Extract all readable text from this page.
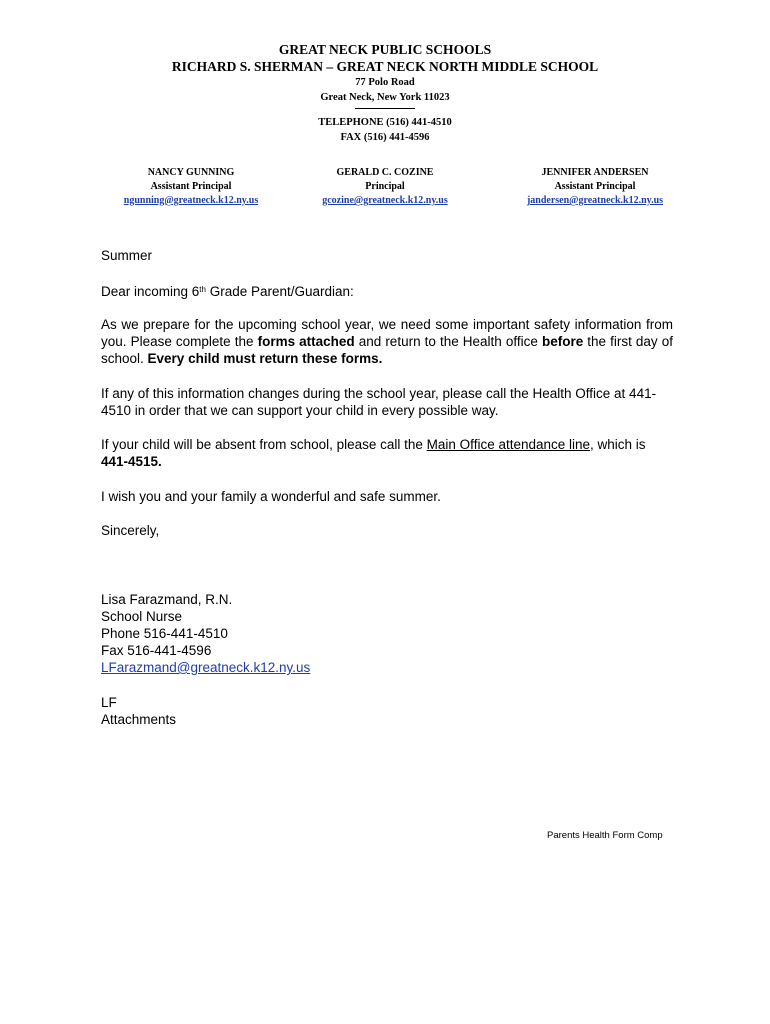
GREAT NECK PUBLIC SCHOOLS
RICHARD S. SHERMAN – GREAT NECK NORTH MIDDLE SCHOOL
77 Polo Road
Great Neck, New York 11023
TELEPHONE (516) 441-4510
FAX (516) 441-4596
NANCY GUNNING
Assistant Principal
ngunning@greatneck.k12.ny.us
GERALD C. COZINE
Principal
gcozine@greatneck.k12.ny.us
JENNIFER ANDERSEN
Assistant Principal
jandersen@greatneck.k12.ny.us
Summer
Dear incoming 6th Grade Parent/Guardian:
As we prepare for the upcoming school year, we need some important safety information from you. Please complete the forms attached and return to the Health office before the first day of school. Every child must return these forms.
If any of this information changes during the school year, please call the Health Office at 441-4510 in order that we can support your child in every possible way.
If your child will be absent from school, please call the Main Office attendance line, which is
441-4515.
I wish you and your family a wonderful and safe summer.
Sincerely,
Lisa Farazmand, R.N.
School Nurse
Phone 516-441-4510
Fax 516-441-4596
LFarazmand@greatneck.k12.ny.us
LF
Attachments
Parents Health Form Comp
